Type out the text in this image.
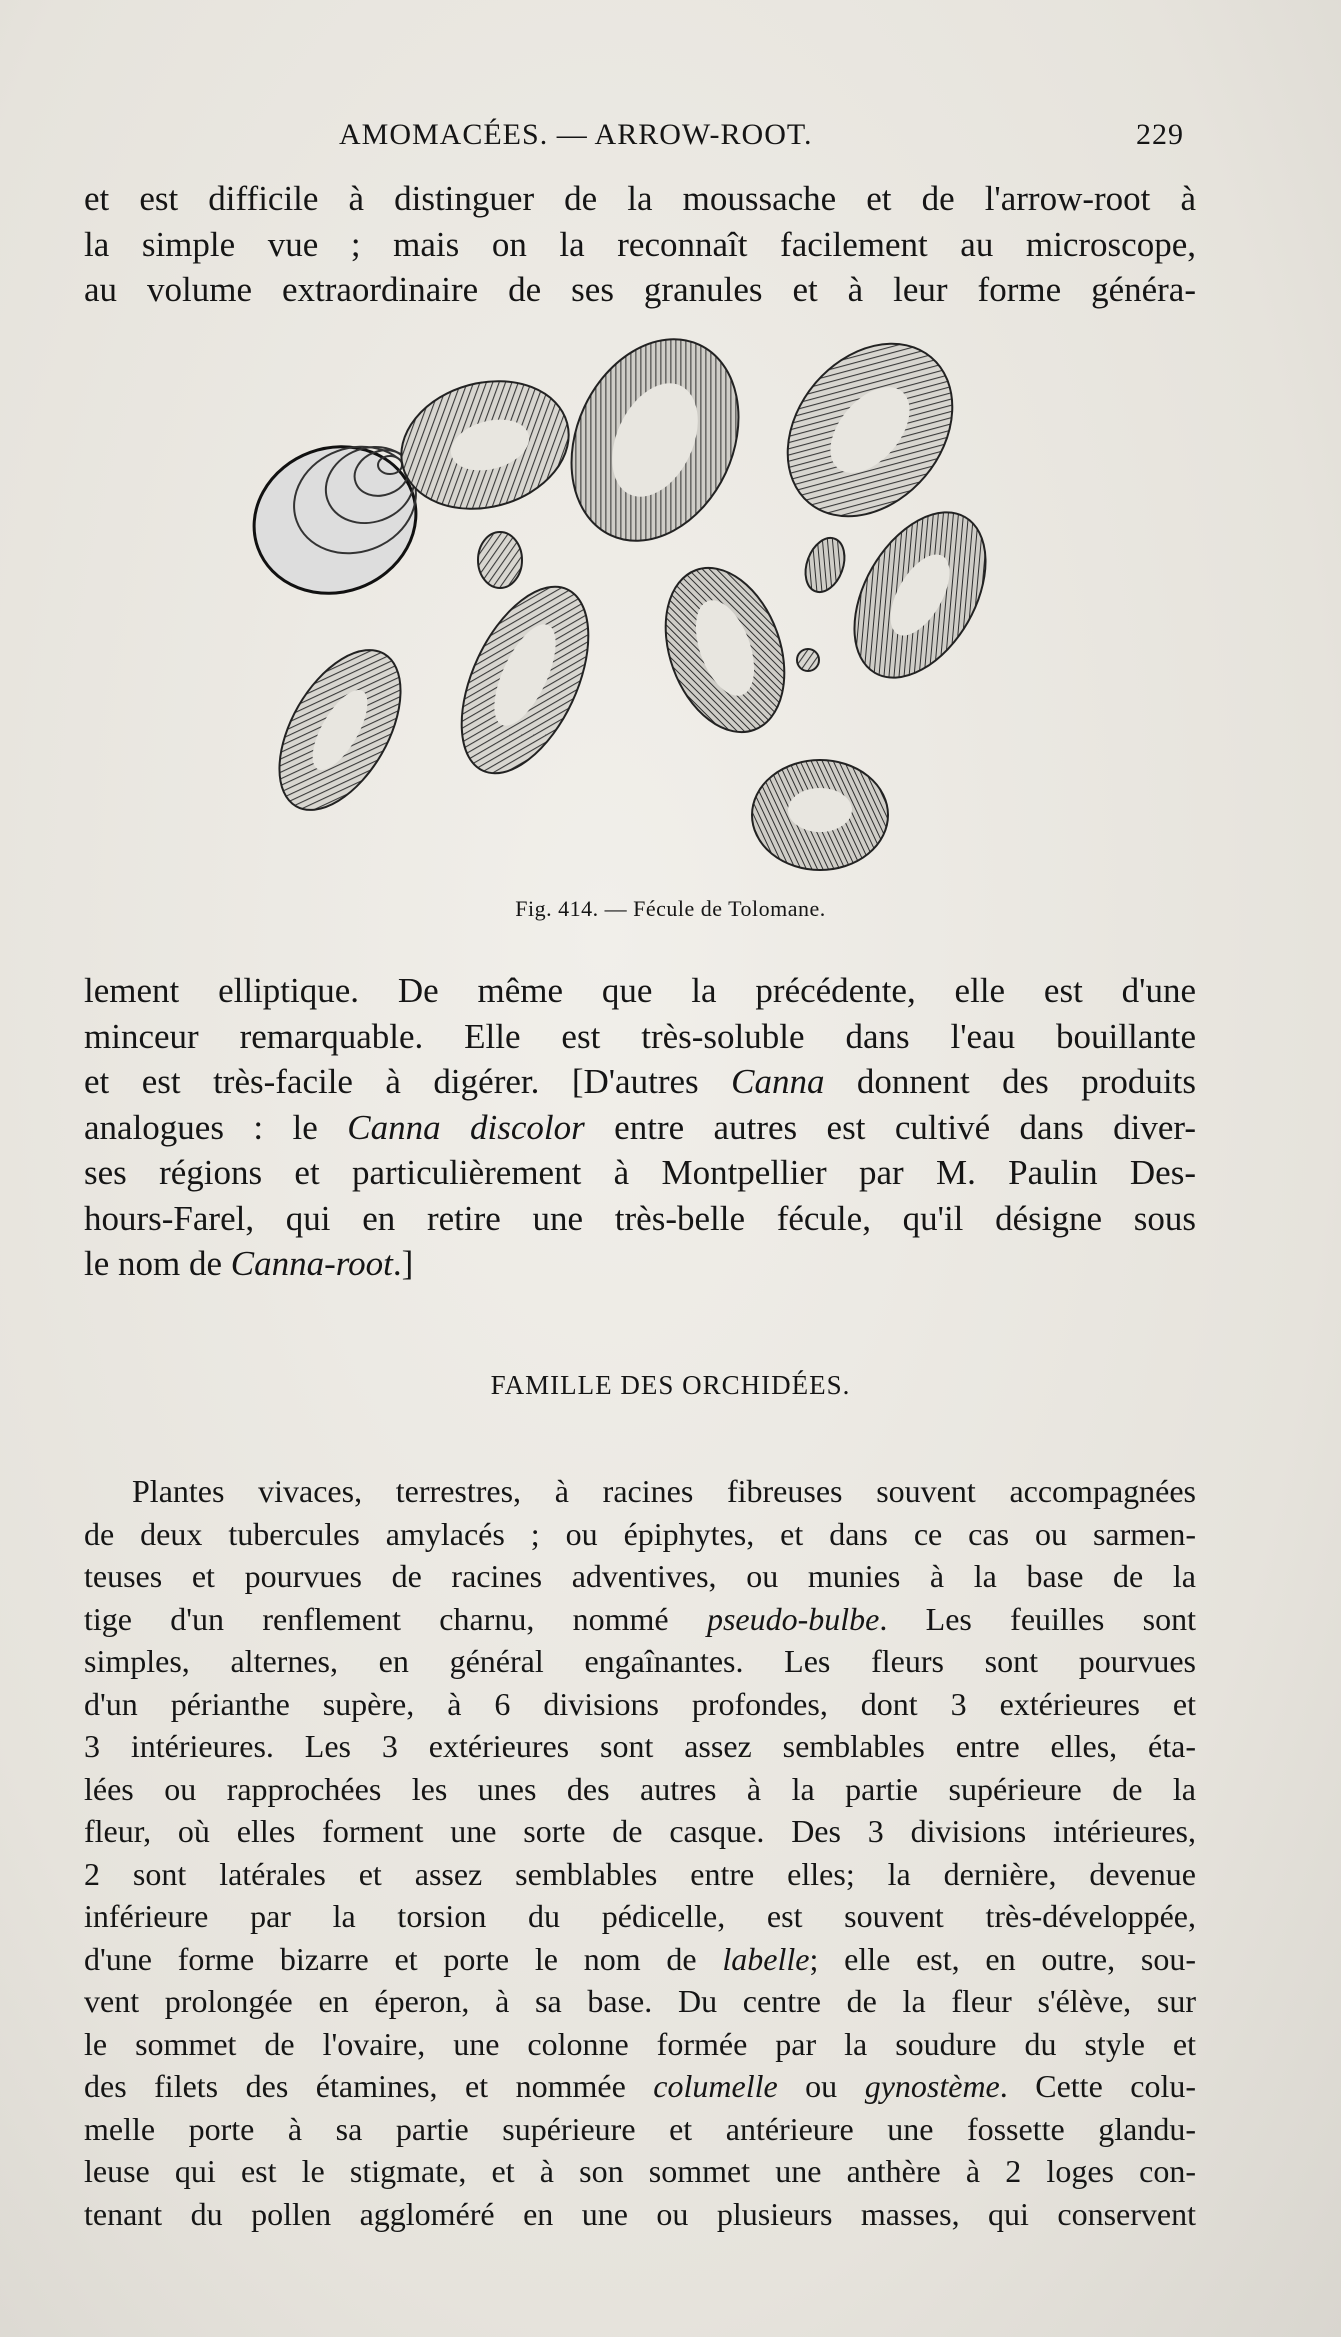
AMOMACÉES. — ARROW-ROOT.	229
et est difficile à distinguer de la moussache et de l'arrow-root à
la simple vue ; mais on la reconnaît facilement au microscope,
au volume extraordinaire de ses granules et à leur forme généra-
Fig. 414. — Fécule de Tolomane.
lement elliptique. De même que la précédente, elle est d'une
minceur remarquable. Elle est très-soluble dans l'eau bouillante
et est très-facile à digérer. [D'autres Canna donnent des produits
analogues : le Canna discolor entre autres est cultivé dans diver-
ses régions et particulièrement à Montpellier par M. Paulin Des-
hours-Farel, qui en retire une très-belle fécule, qu'il désigne sous
le nom de Canna-root.]
FAMILLE DES ORCHIDÉES.
Plantes vivaces, terrestres, à racines fibreuses souvent accompagnées
de deux tubercules amylacés ; ou épiphytes, et dans ce cas ou sarmen-
teuses et pourvues de racines adventives, ou munies à la base de la
tige d'un renflement charnu, nommé pseudo-bulbe. Les feuilles sont
simples, alternes, en général engaînantes. Les fleurs sont pourvues
d'un périanthe supère, à 6 divisions profondes, dont 3 extérieures et
3 intérieures. Les 3 extérieures sont assez semblables entre elles, éta-
lées ou rapprochées les unes des autres à la partie supérieure de la
fleur, où elles forment une sorte de casque. Des 3 divisions intérieures,
2 sont latérales et assez semblables entre elles; la dernière, devenue
inférieure par la torsion du pédicelle, est souvent très-développée,
d'une forme bizarre et porte le nom de labelle; elle est, en outre, sou-
vent prolongée en éperon, à sa base. Du centre de la fleur s'élève, sur
le sommet de l'ovaire, une colonne formée par la soudure du style et
des filets des étamines, et nommée columelle ou gynostème. Cette colu-
melle porte à sa partie supérieure et antérieure une fossette glandu-
leuse qui est le stigmate, et à son sommet une anthère à 2 loges con-
tenant du pollen aggloméré en une ou plusieurs masses, qui conservent
